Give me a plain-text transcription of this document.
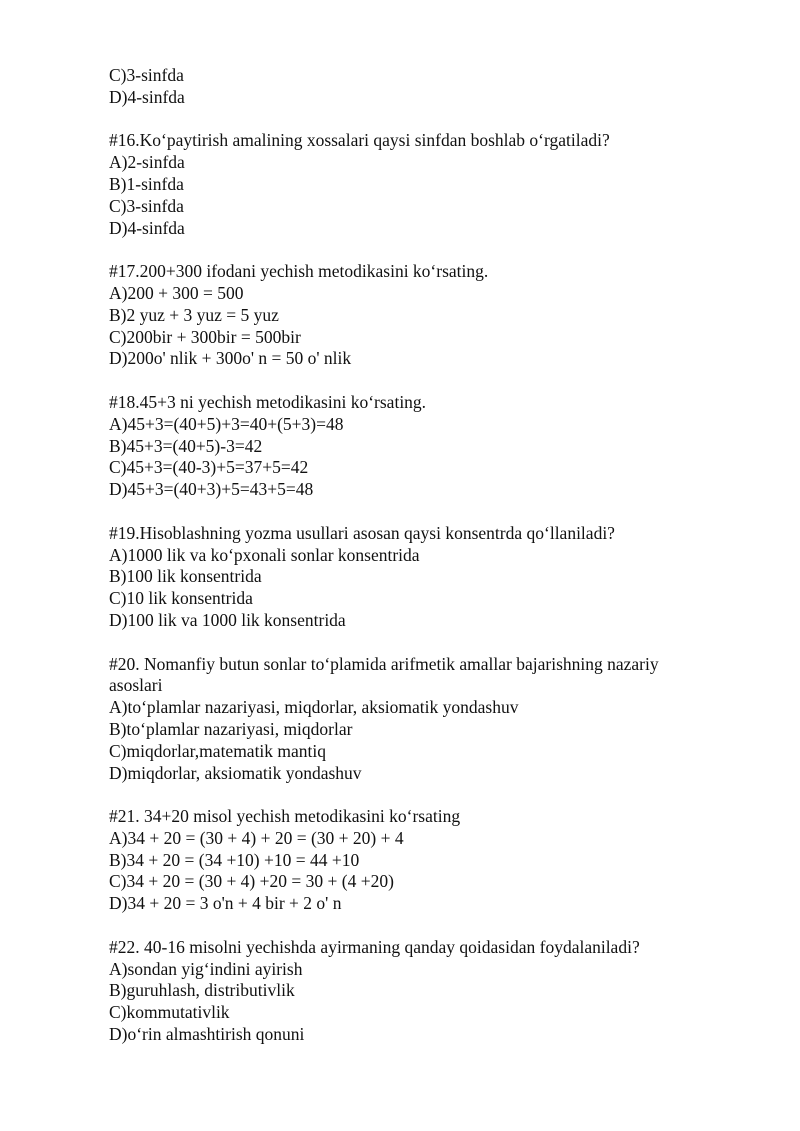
C)3-sinfda
D)4-sinfda
#16.Ko‘paytirish amalining xossalari qaysi sinfdan boshlab o‘rgatiladi?
A)2-sinfda
B)1-sinfda
C)3-sinfda
D)4-sinfda
#17.200+300 ifodani yechish metodikasini ko‘rsating.
A)200 + 300 = 500
B)2 yuz + 3 yuz = 5 yuz
C)200bir + 300bir = 500bir
D)200o' nlik + 300o' n = 50 o' nlik
#18.45+3 ni yechish metodikasini ko‘rsating.
A)45+3=(40+5)+3=40+(5+3)=48
B)45+3=(40+5)-3=42
C)45+3=(40-3)+5=37+5=42
D)45+3=(40+3)+5=43+5=48
#19.Hisoblashning yozma usullari asosan qaysi konsentrda qo‘llaniladi?
A)1000 lik va ko‘pxonali sonlar konsentrida
B)100 lik konsentrida
C)10 lik konsentrida
D)100 lik va 1000 lik konsentrida
#20. Nomanfiy butun sonlar to‘plamida arifmetik amallar bajarishning nazariy asoslari
A)to‘plamlar nazariyasi, miqdorlar, aksiomatik yondashuv
B)to‘plamlar nazariyasi, miqdorlar
C)miqdorlar,matematik mantiq
D)miqdorlar, aksiomatik yondashuv
#21. 34+20 misol yechish metodikasini ko‘rsating
A)34 + 20 = (30 + 4) + 20 = (30 + 20) + 4
B)34 + 20 = (34 +10) +10 = 44 +10
C)34 + 20 = (30 + 4) +20 = 30 + (4 +20)
D)34 + 20 = 3 o'n + 4 bir + 2 o' n
#22. 40-16 misolni yechishda ayirmaning qanday qoidasidan foydalaniladi?
A)sondan yig‘indini ayirish
B)guruhlash, distributivlik
C)kommutativlik
D)o‘rin almashtirish qonuni
